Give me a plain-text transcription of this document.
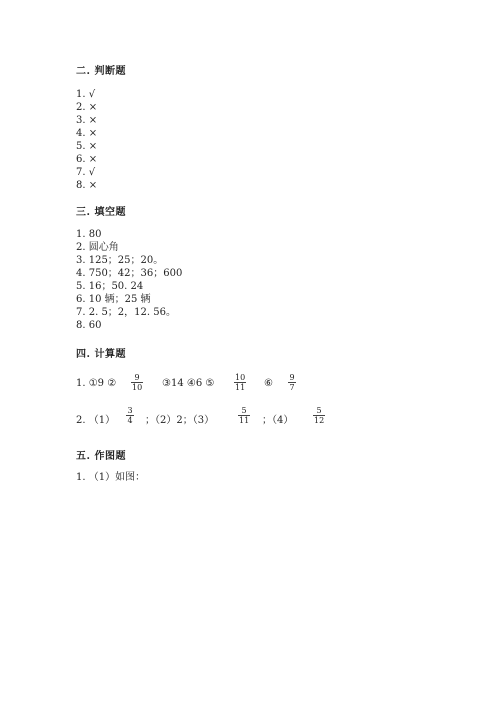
二. 判断题
1. √
2. ×
3. ×
4. ×
5. ×
6. ×
7. √
8. ×
三. 填空题
1. 80
2. 圆心角
3. 125；25；20。
4. 750；42；36；600
5. 16；50. 24
6. 10 辆；25 辆
7. 2. 5；2，12. 56。
8. 60
四. 计算题
1. ①9 ②
9
10 ③14 ④6 ⑤
10
11 ⑥
9
7
2. （1）
3
4 ；（2）2；（3）
5
11 ；（4）
5
12
五. 作图题
1. （1）如图：
